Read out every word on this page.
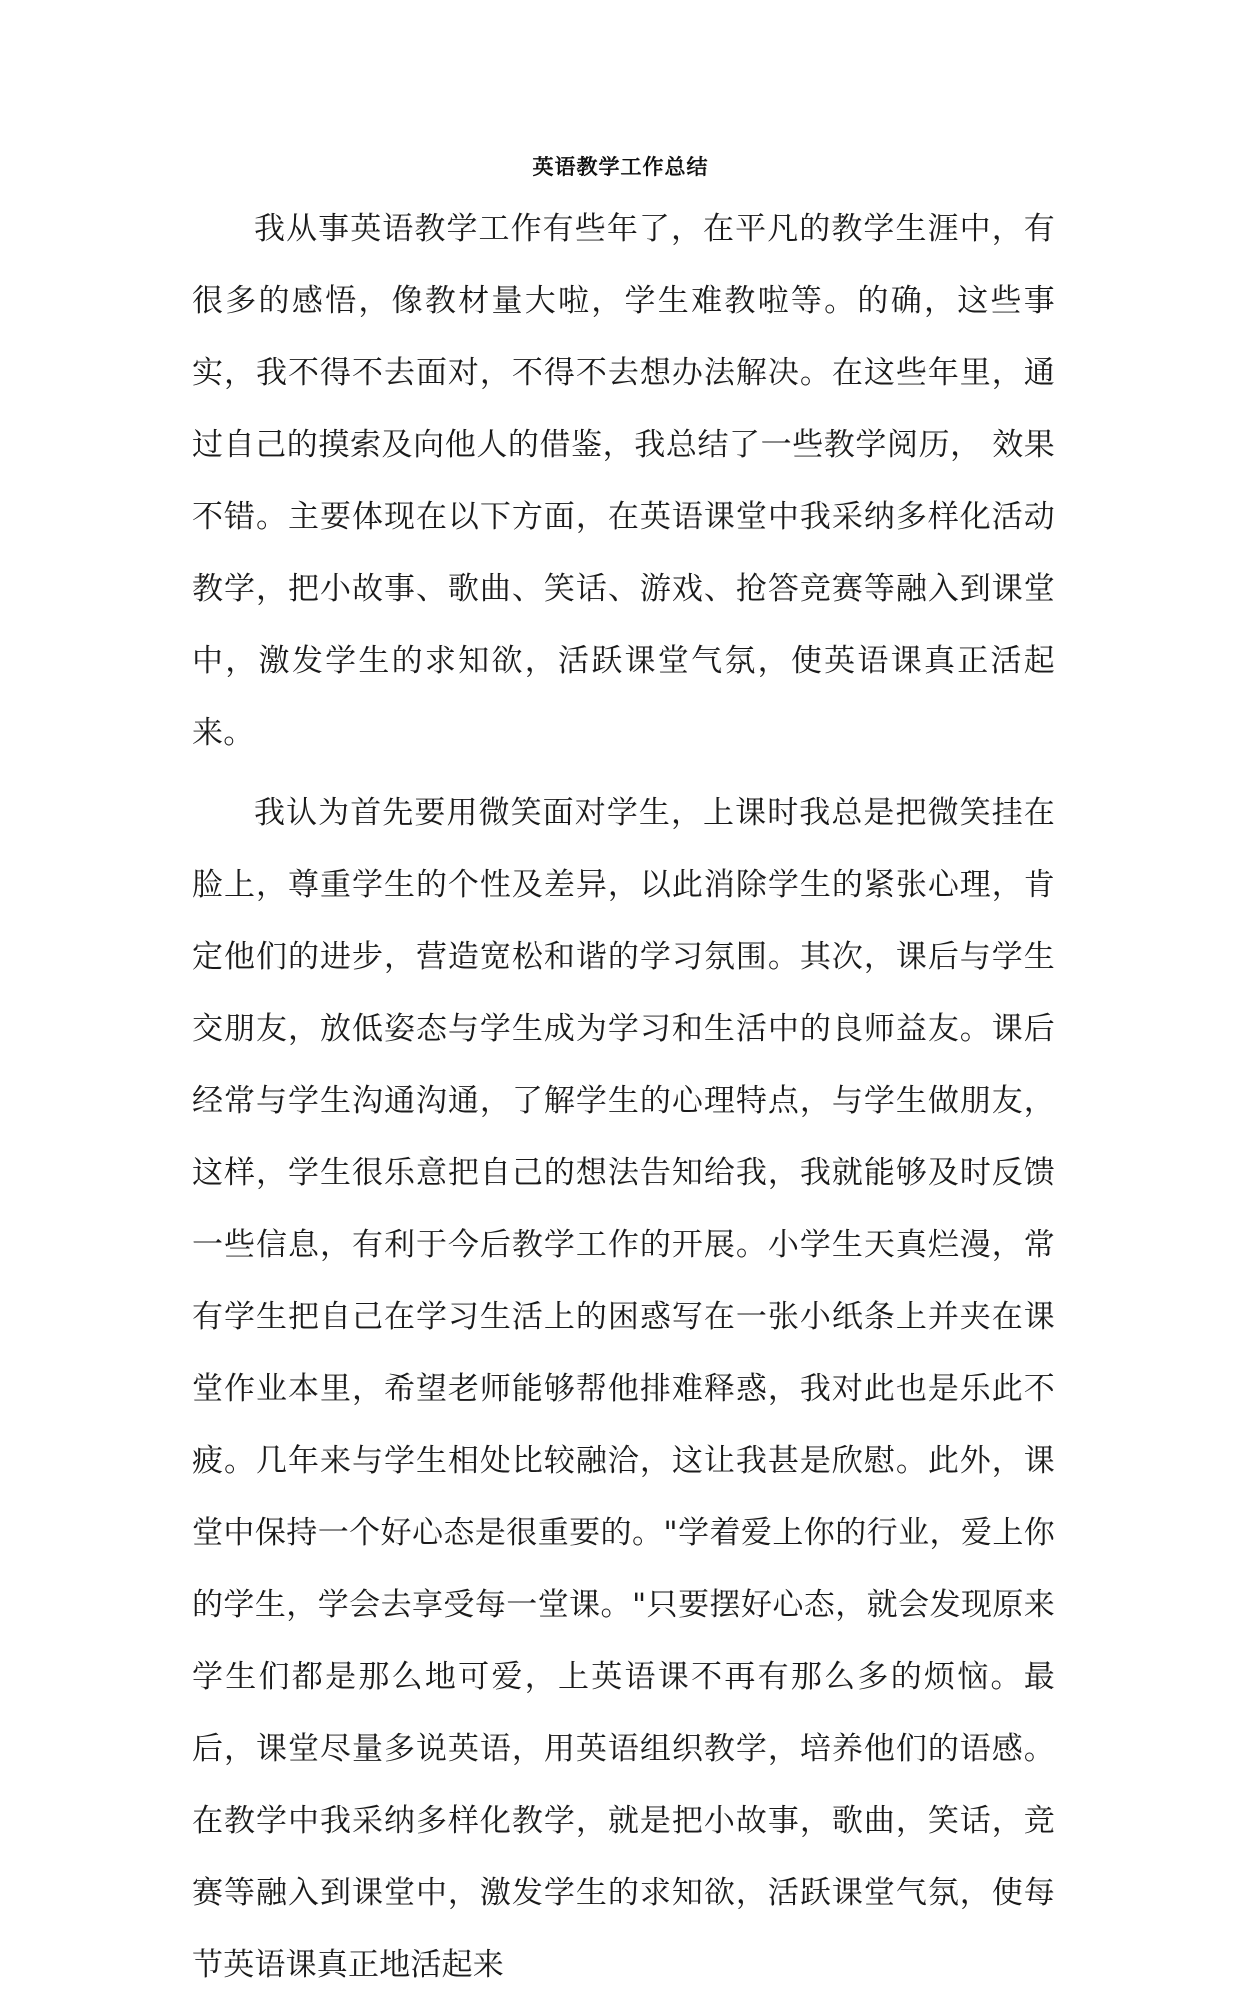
英语教学工作总结

我从事英语教学工作有些年了，在平凡的教学生涯中，有很多的感悟，像教材量大啦，学生难教啦等。的确，这些事实，我不得不去面对，不得不去想办法解决。在这些年里，通过自己的摸索及向他人的借鉴，我总结了一些教学阅历， 效果不错。主要体现在以下方面，在英语课堂中我采纳多样化活动教学，把小故事、歌曲、笑话、游戏、抢答竞赛等融入到课堂中，激发学生的求知欲，活跃课堂气氛，使英语课真正活起来。

我认为首先要用微笑面对学生，上课时我总是把微笑挂在脸上，尊重学生的个性及差异，以此消除学生的紧张心理，肯定他们的进步，营造宽松和谐的学习氛围。其次，课后与学生交朋友，放低姿态与学生成为学习和生活中的良师益友。课后经常与学生沟通沟通，了解学生的心理特点，与学生做朋友，这样，学生很乐意把自己的想法告知给我，我就能够及时反馈一些信息，有利于今后教学工作的开展。小学生天真烂漫，常有学生把自己在学习生活上的困惑写在一张小纸条上并夹在课堂作业本里，希望老师能够帮他排难释惑，我对此也是乐此不疲。几年来与学生相处比较融洽，这让我甚是欣慰。此外，课堂中保持一个好心态是很重要的。"学着爱上你的行业，爱上你的学生，学会去享受每一堂课。"只要摆好心态，就会发现原来学生们都是那么地可爱，上英语课不再有那么多的烦恼。最后，课堂尽量多说英语，用英语组织教学，培养他们的语感。在教学中我采纳多样化教学，就是把小故事，歌曲，笑话，竞赛等融入到课堂中，激发学生的求知欲，活跃课堂气氛，使每节英语课真正地活起来
